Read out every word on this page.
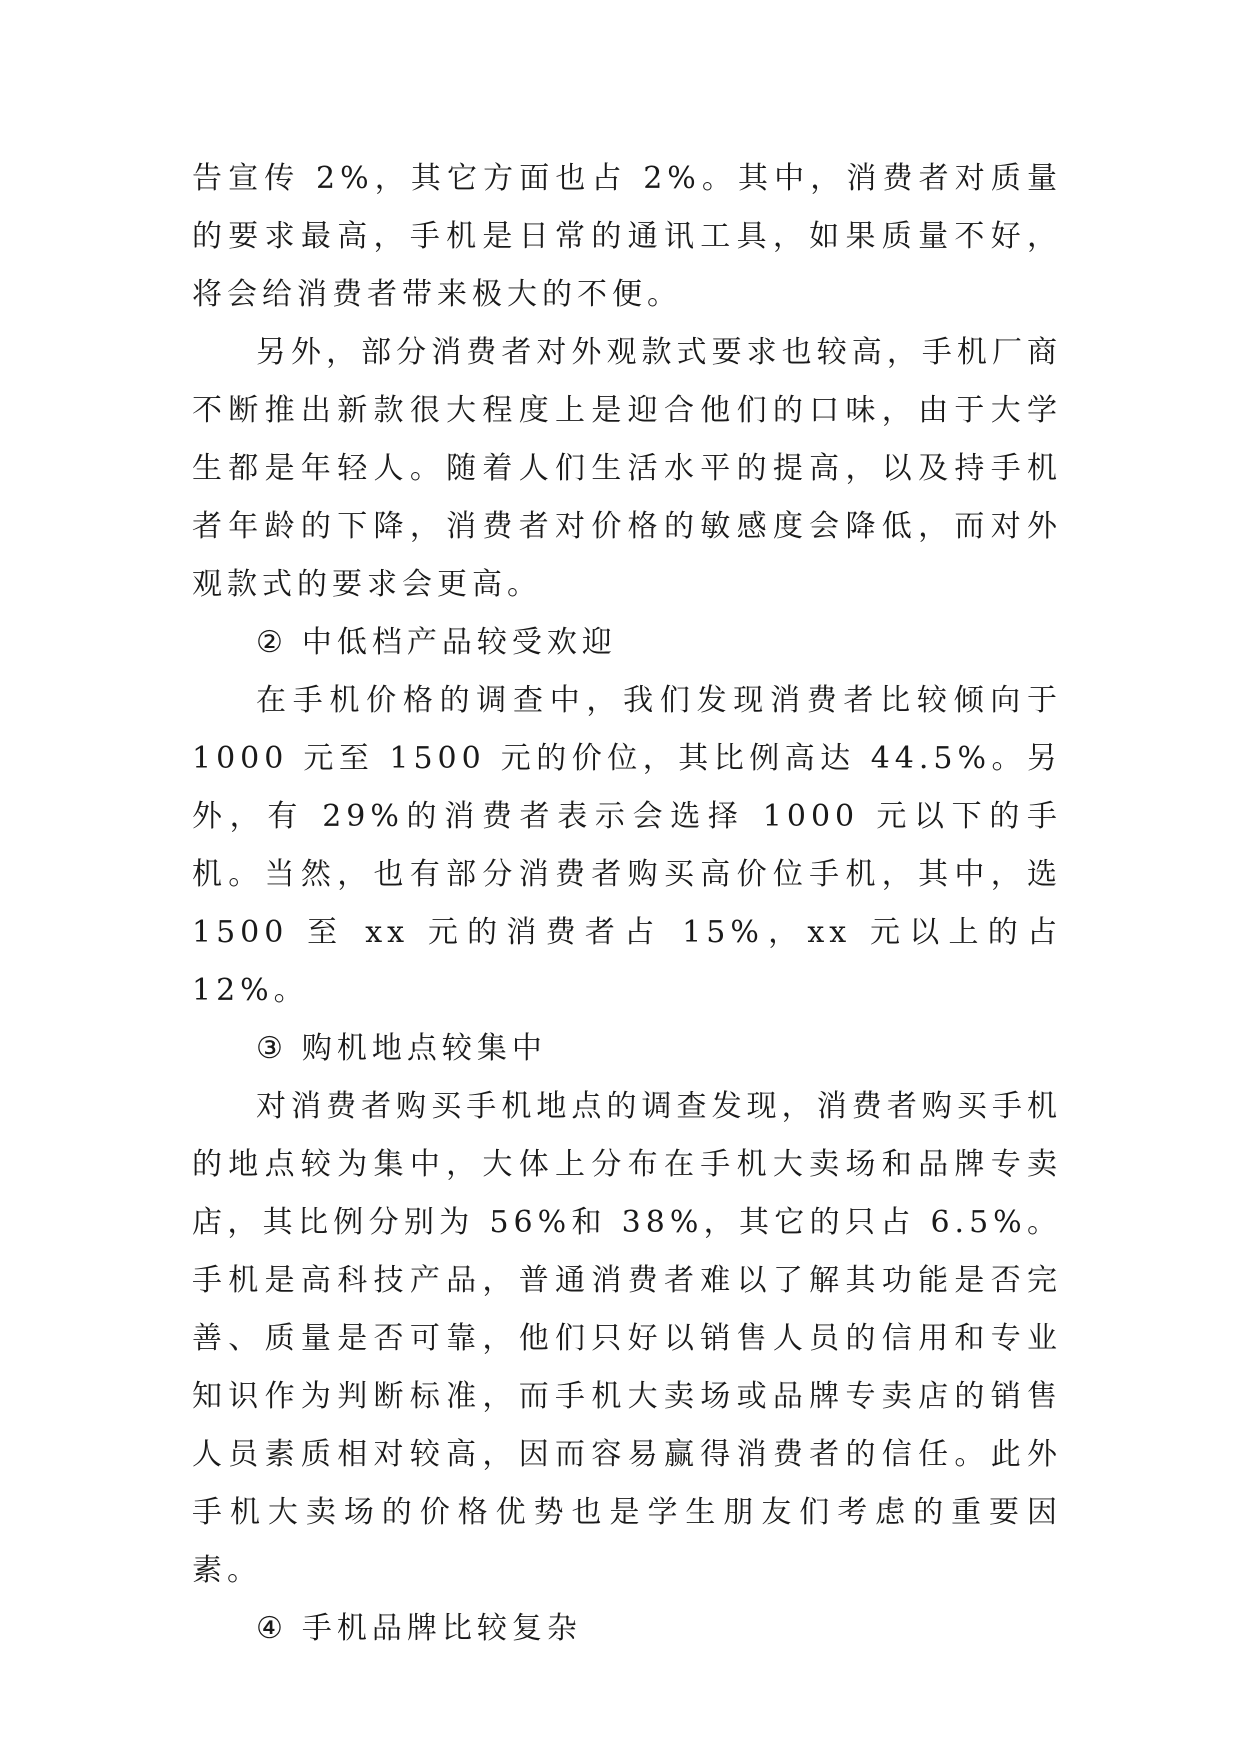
告宣传 2%，其它方面也占 2%。其中，消费者对质量的要求最高，手机是日常的通讯工具，如果质量不好，将会给消费者带来极大的不便。

另外，部分消费者对外观款式要求也较高，手机厂商不断推出新款很大程度上是迎合他们的口味，由于大学生都是年轻人。随着人们生活水平的提高，以及持手机者年龄的下降，消费者对价格的敏感度会降低，而对外观款式的要求会更高。

② 中低档产品较受欢迎

在手机价格的调查中，我们发现消费者比较倾向于 1000 元至 1500 元的价位，其比例高达 44.5%。另外，有 29%的消费者表示会选择 1000 元以下的手机。当然，也有部分消费者购买高价位手机，其中，选 1500 至 xx 元的消费者占 15%，xx 元以上的占 12%。

③ 购机地点较集中

对消费者购买手机地点的调查发现，消费者购买手机的地点较为集中，大体上分布在手机大卖场和品牌专卖店，其比例分别为 56%和 38%，其它的只占 6.5%。手机是高科技产品，普通消费者难以了解其功能是否完善、质量是否可靠，他们只好以销售人员的信用和专业知识作为判断标准，而手机大卖场或品牌专卖店的销售人员素质相对较高，因而容易赢得消费者的信任。此外手机大卖场的价格优势也是学生朋友们考虑的重要因素。

④ 手机品牌比较复杂
